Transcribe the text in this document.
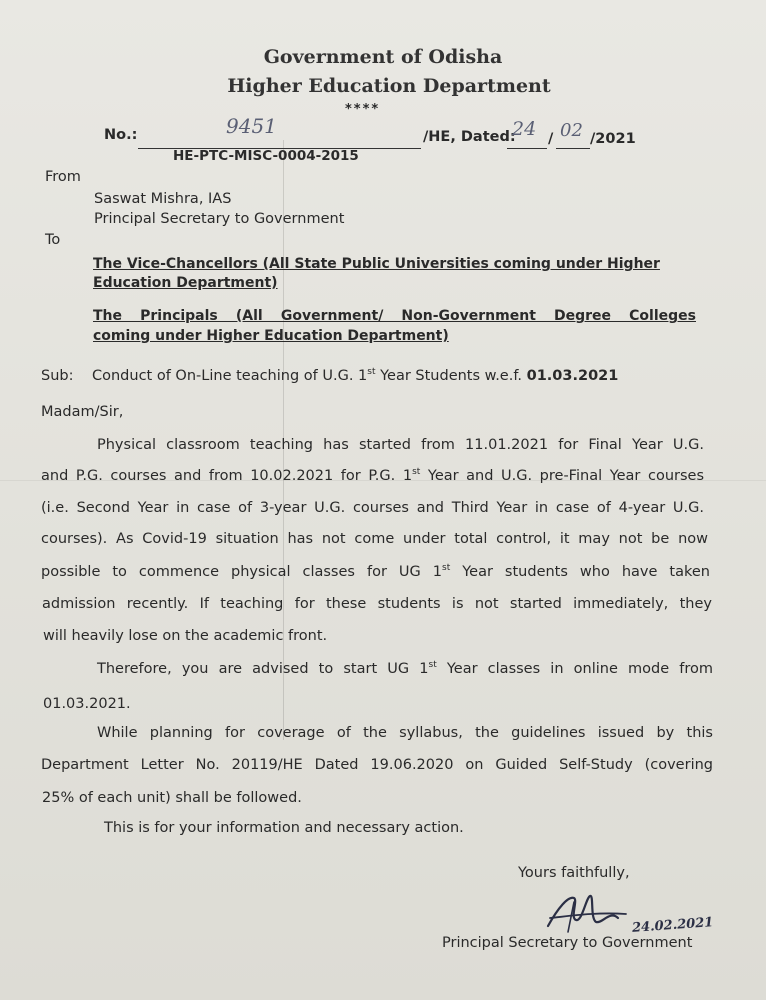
Government of Odisha
Higher Education Department
****
No.:	9451	/HE, Dated:
24 / 02 /2021
HE-PTC-MISC-0004-2015
From
Saswat Mishra, IAS
Principal Secretary to Government
To
The Vice-Chancellors (All State Public Universities coming under Higher
Education Department)
The Principals (All Government/ Non-Government Degree Colleges
coming under Higher Education Department)
Sub: Conduct of On-Line teaching of U.G. 1st Year Students w.e.f. 01.03.2021
Madam/Sir,
Physical classroom teaching has started from 11.01.2021 for Final Year U.G.
and P.G. courses and from 10.02.2021 for P.G. 1st Year and U.G. pre-Final Year courses
(i.e. Second Year in case of 3-year U.G. courses and Third Year in case of 4-year U.G.
courses). As Covid-19 situation has not come under total control, it may not be now
possible to commence physical classes for UG 1st Year students who have taken
admission recently. If teaching for these students is not started immediately, they
will heavily lose on the academic front.
Therefore, you are advised to start UG 1st Year classes in online mode from
01.03.2021.
While planning for coverage of the syllabus, the guidelines issued by this
Department Letter No. 20119/HE Dated 19.06.2020 on Guided Self-Study (covering
25% of each unit) shall be followed.
This is for your information and necessary action.
Yours faithfully,
24.02.2021
Principal Secretary to Government
